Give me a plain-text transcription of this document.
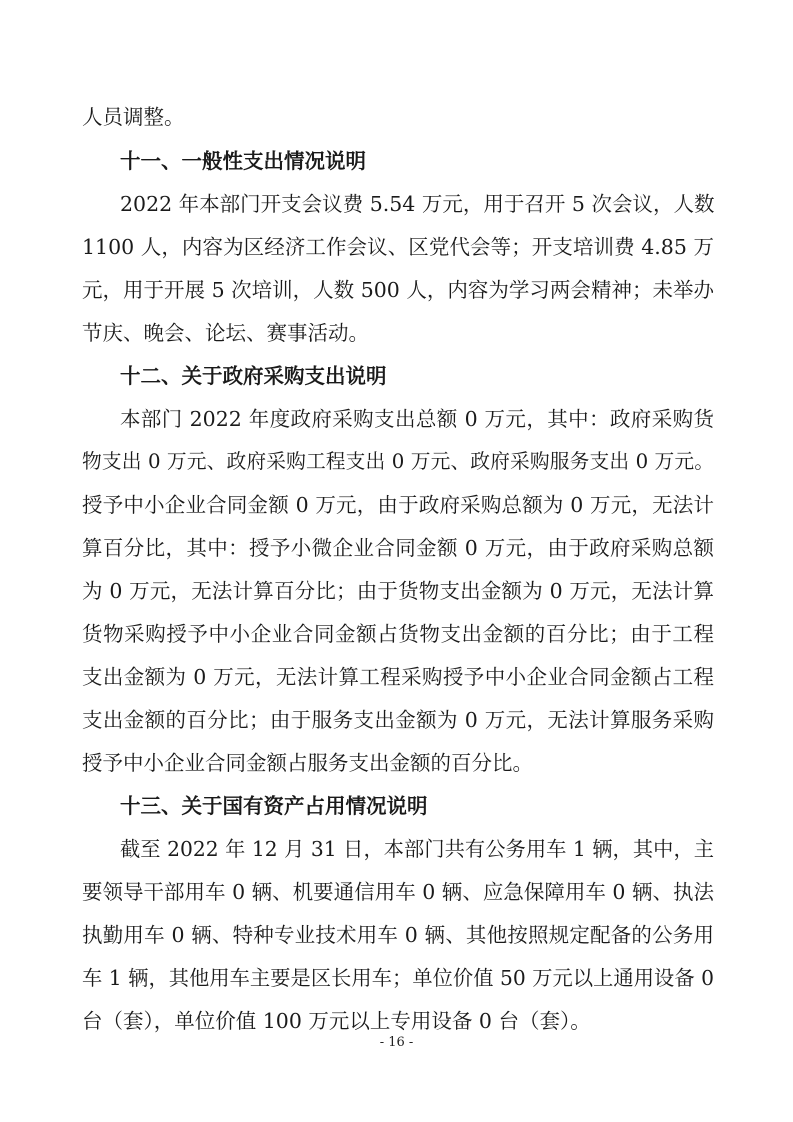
人员调整。
十一、一般性支出情况说明
2022 年本部门开支会议费 5.54 万元，用于召开 5 次会议，人数
1100 人，内容为区经济工作会议、区党代会等；开支培训费 4.85 万
元，用于开展 5 次培训，人数 500 人，内容为学习两会精神；未举办
节庆、晚会、论坛、赛事活动。
十二、关于政府采购支出说明
本部门 2022 年度政府采购支出总额 0 万元，其中：政府采购货
物支出 0 万元、政府采购工程支出 0 万元、政府采购服务支出 0 万元。
授予中小企业合同金额 0 万元，由于政府采购总额为 0 万元，无法计
算百分比，其中：授予小微企业合同金额 0 万元，由于政府采购总额
为 0 万元，无法计算百分比；由于货物支出金额为 0 万元，无法计算
货物采购授予中小企业合同金额占货物支出金额的百分比；由于工程
支出金额为 0 万元，无法计算工程采购授予中小企业合同金额占工程
支出金额的百分比；由于服务支出金额为 0 万元，无法计算服务采购
授予中小企业合同金额占服务支出金额的百分比。
十三、关于国有资产占用情况说明
截至 2022 年 12 月 31 日，本部门共有公务用车 1 辆，其中，主
要领导干部用车 0 辆、机要通信用车 0 辆、应急保障用车 0 辆、执法
执勤用车 0 辆、特种专业技术用车 0 辆、其他按照规定配备的公务用
车 1 辆，其他用车主要是区长用车；单位价值 50 万元以上通用设备 0
台（套），单位价值 100 万元以上专用设备 0 台（套）。
- 16 -
